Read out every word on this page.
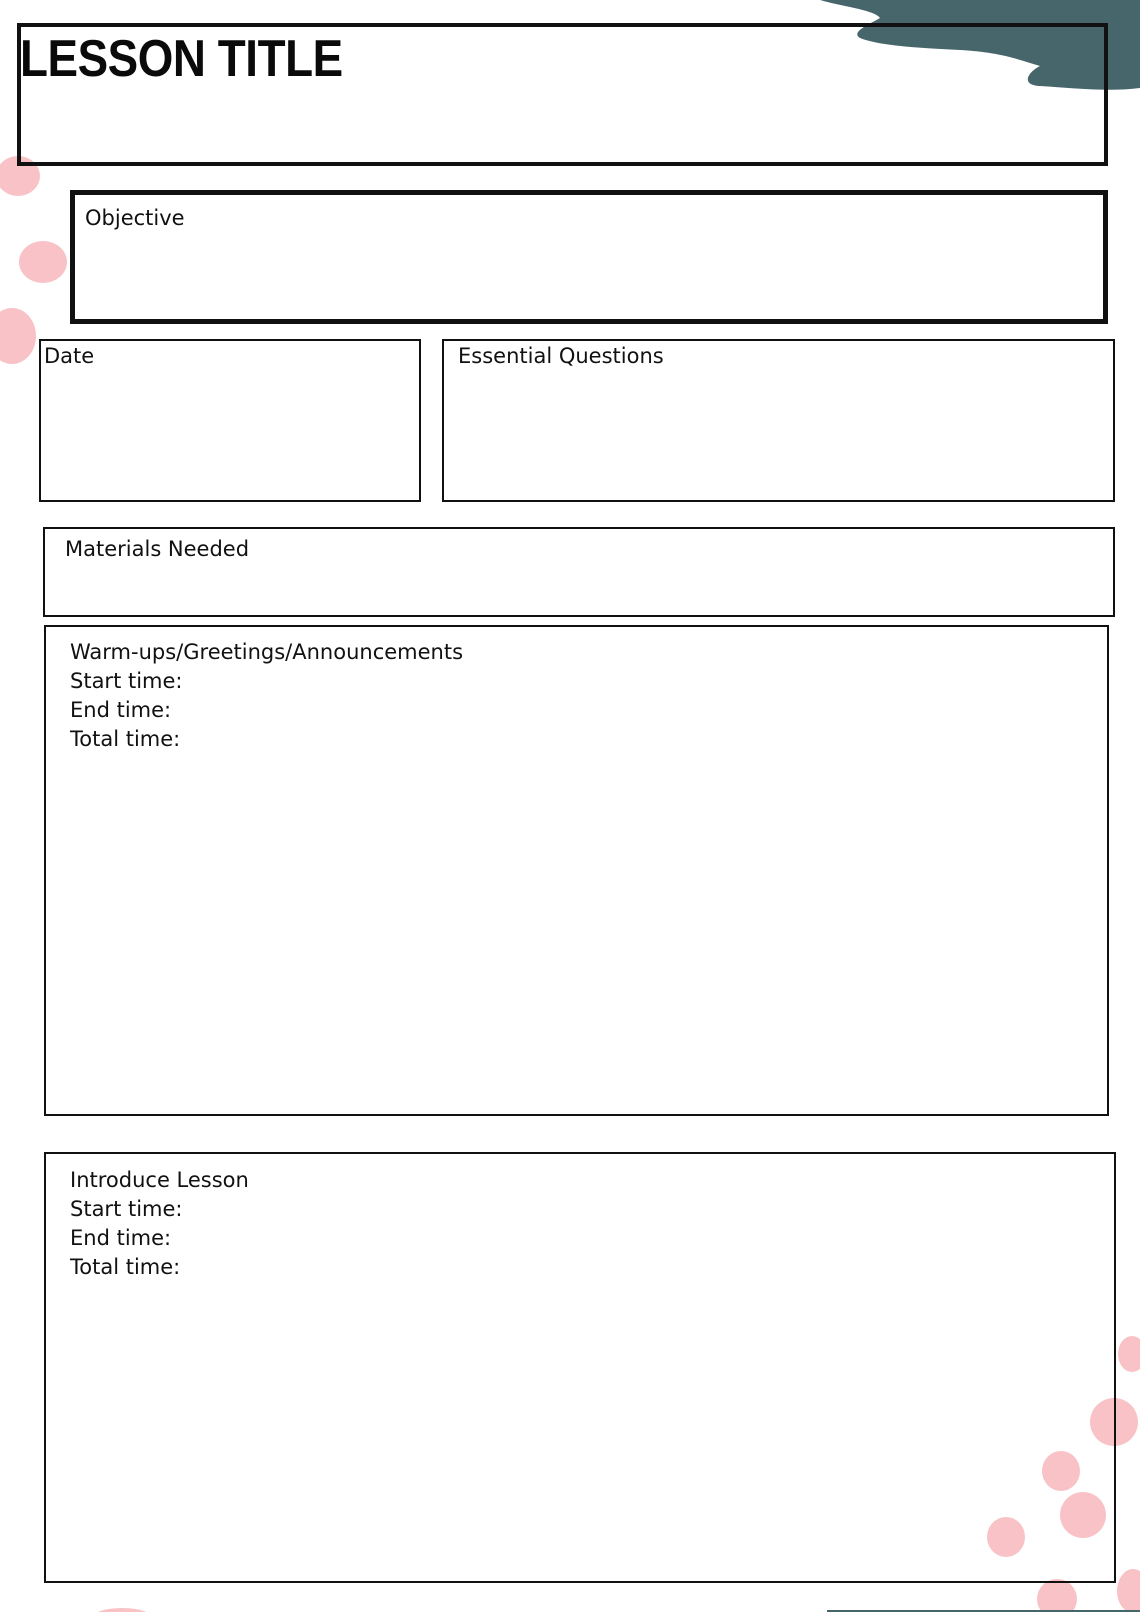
LESSON TITLE
Objective
Date	Essential Questions
Materials Needed
Warm-ups/Greetings/Announcements
Start time:
End time:
Total time:
Introduce Lesson
Start time:
End time:
Total time:
